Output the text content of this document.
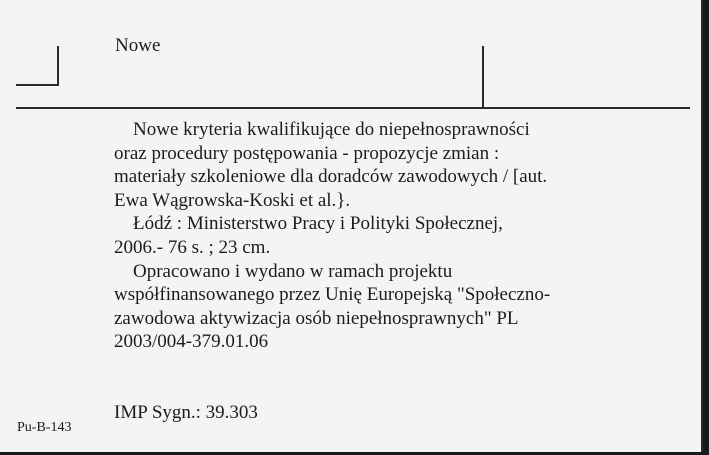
Nowe

Nowe kryteria kwalifikujące do niepełnosprawności
oraz procedury postępowania - propozycje zmian :
materiały szkoleniowe dla doradców zawodowych / [aut.
Ewa Wągrowska-Koski et al.}.

Łódź : Ministerstwo Pracy i Polityki Społecznej,
2006.- 76 s. ; 23 cm.

Opracowano i wydano w ramach projektu
współfinansowanego przez Unię Europejską "Społeczno-
zawodowa aktywizacja osób niepełnosprawnych" PL
2003/004-379.01.06

IMP Sygn.: 39.303
Pu-B-143
